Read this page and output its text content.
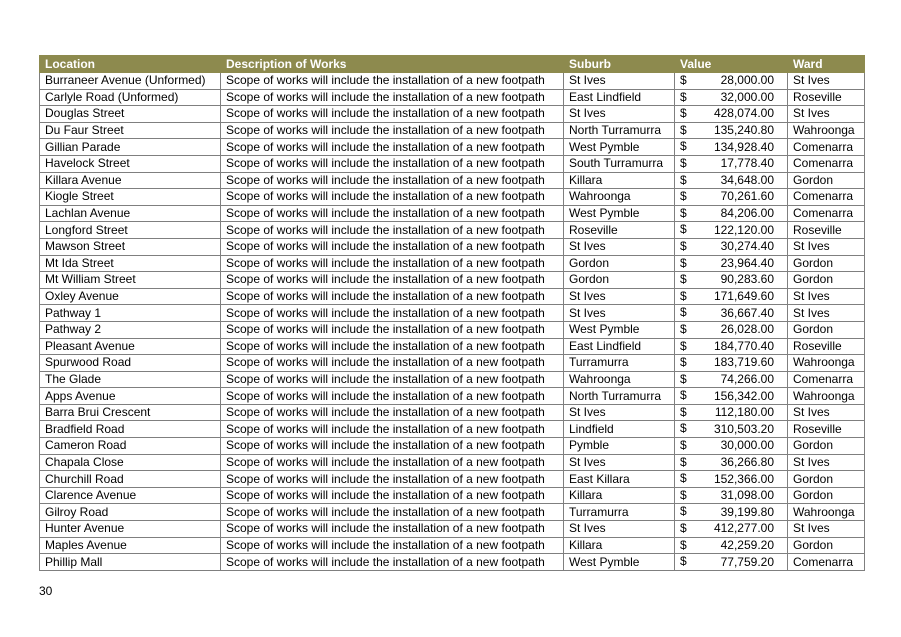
Location	Description of Works	Suburb	Value	Ward
Burraneer Avenue (Unformed)	Scope of works will include the installation of a new footpath	St Ives	$ 28,000.00	St Ives
Carlyle Road (Unformed)	Scope of works will include the installation of a new footpath	East Lindfield	$ 32,000.00	Roseville
Douglas Street	Scope of works will include the installation of a new footpath	St Ives	$ 428,074.00	St Ives
Du Faur Street	Scope of works will include the installation of a new footpath	North Turramurra	$ 135,240.80	Wahroonga
Gillian Parade	Scope of works will include the installation of a new footpath	West Pymble	$ 134,928.40	Comenarra
Havelock Street	Scope of works will include the installation of a new footpath	South Turramurra	$ 17,778.40	Comenarra
Killara Avenue	Scope of works will include the installation of a new footpath	Killara	$ 34,648.00	Gordon
Kiogle Street	Scope of works will include the installation of a new footpath	Wahroonga	$ 70,261.60	Comenarra
Lachlan Avenue	Scope of works will include the installation of a new footpath	West Pymble	$ 84,206.00	Comenarra
Longford Street	Scope of works will include the installation of a new footpath	Roseville	$ 122,120.00	Roseville
Mawson Street	Scope of works will include the installation of a new footpath	St Ives	$ 30,274.40	St Ives
Mt Ida Street	Scope of works will include the installation of a new footpath	Gordon	$ 23,964.40	Gordon
Mt William Street	Scope of works will include the installation of a new footpath	Gordon	$ 90,283.60	Gordon
Oxley Avenue	Scope of works will include the installation of a new footpath	St Ives	$ 171,649.60	St Ives
Pathway 1	Scope of works will include the installation of a new footpath	St Ives	$ 36,667.40	St Ives
Pathway 2	Scope of works will include the installation of a new footpath	West Pymble	$ 26,028.00	Gordon
Pleasant Avenue	Scope of works will include the installation of a new footpath	East Lindfield	$ 184,770.40	Roseville
Spurwood Road	Scope of works will include the installation of a new footpath	Turramurra	$ 183,719.60	Wahroonga
The Glade	Scope of works will include the installation of a new footpath	Wahroonga	$ 74,266.00	Comenarra
Apps Avenue	Scope of works will include the installation of a new footpath	North Turramurra	$ 156,342.00	Wahroonga
Barra Brui Crescent	Scope of works will include the installation of a new footpath	St Ives	$ 112,180.00	St Ives
Bradfield Road	Scope of works will include the installation of a new footpath	Lindfield	$ 310,503.20	Roseville
Cameron Road	Scope of works will include the installation of a new footpath	Pymble	$ 30,000.00	Gordon
Chapala Close	Scope of works will include the installation of a new footpath	St Ives	$ 36,266.80	St Ives
Churchill Road	Scope of works will include the installation of a new footpath	East Killara	$ 152,366.00	Gordon
Clarence Avenue	Scope of works will include the installation of a new footpath	Killara	$ 31,098.00	Gordon
Gilroy Road	Scope of works will include the installation of a new footpath	Turramurra	$ 39,199.80	Wahroonga
Hunter Avenue	Scope of works will include the installation of a new footpath	St Ives	$ 412,277.00	St Ives
Maples Avenue	Scope of works will include the installation of a new footpath	Killara	$ 42,259.20	Gordon
Phillip Mall	Scope of works will include the installation of a new footpath	West Pymble	$ 77,759.20	Comenarra
30
